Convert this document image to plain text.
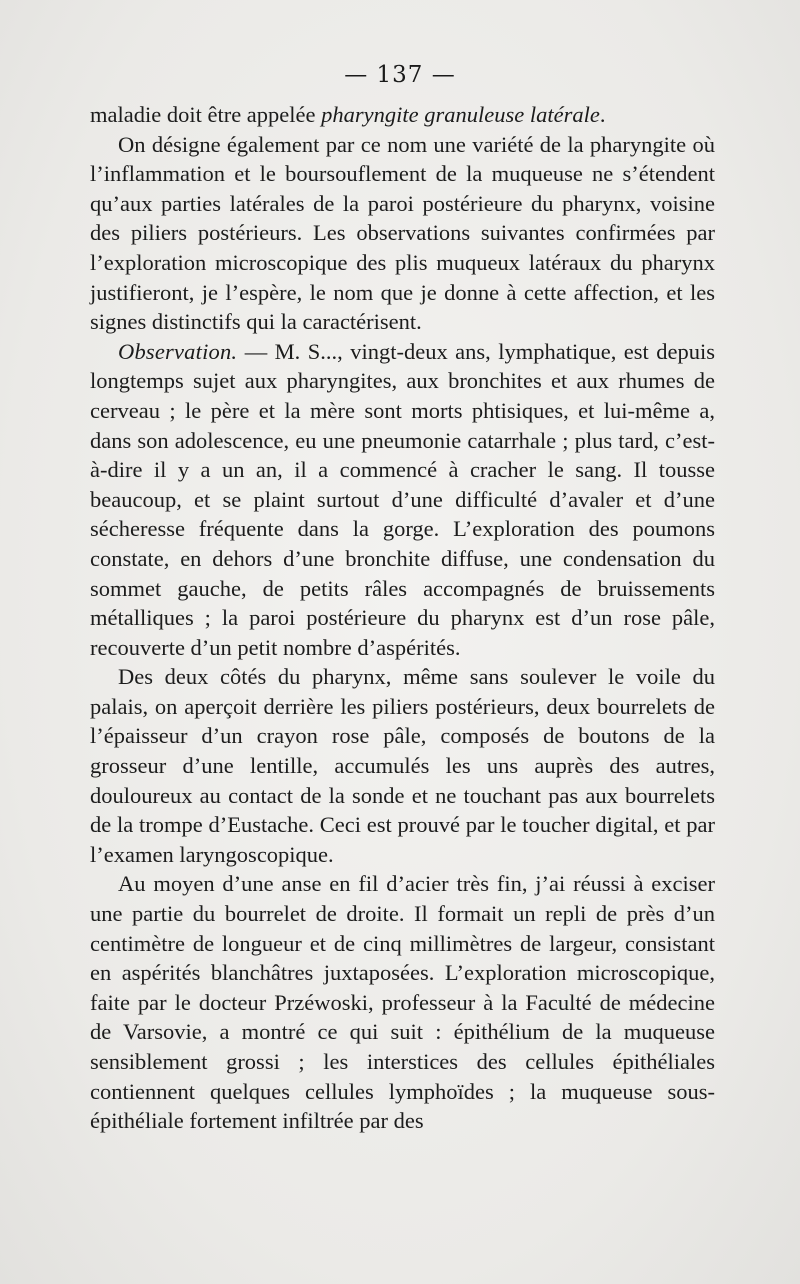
— 137 —

maladie doit être appelée pharyngite granuleuse latérale.

On désigne également par ce nom une variété de la pharyngite où l’inflammation et le boursouflement de la muqueuse ne s’étendent qu’aux parties latérales de la paroi postérieure du pharynx, voisine des piliers postérieurs. Les observations suivantes confirmées par l’exploration microscopique des plis muqueux latéraux du pharynx justifieront, je l’espère, le nom que je donne à cette affection, et les signes distinctifs qui la caractérisent.

Observation. — M. S..., vingt-deux ans, lymphatique, est depuis longtemps sujet aux pharyngites, aux bronchites et aux rhumes de cerveau ; le père et la mère sont morts phtisiques, et lui-même a, dans son adolescence, eu une pneumonie catarrhale ; plus tard, c’est-à-dire il y a un an, il a commencé à cracher le sang. Il tousse beaucoup, et se plaint surtout d’une difficulté d’avaler et d’une sécheresse fréquente dans la gorge. L’exploration des poumons constate, en dehors d’une bronchite diffuse, une condensation du sommet gauche, de petits râles accompagnés de bruissements métalliques ; la paroi postérieure du pharynx est d’un rose pâle, recouverte d’un petit nombre d’aspérités.

Des deux côtés du pharynx, même sans soulever le voile du palais, on aperçoit derrière les piliers postérieurs, deux bourrelets de l’épaisseur d’un crayon rose pâle, composés de boutons de la grosseur d’une lentille, accumulés les uns auprès des autres, douloureux au contact de la sonde et ne touchant pas aux bourrelets de la trompe d’Eustache. Ceci est prouvé par le toucher digital, et par l’examen laryngoscopique.

Au moyen d’une anse en fil d’acier très fin, j’ai réussi à exciser une partie du bourrelet de droite. Il formait un repli de près d’un centimètre de longueur et de cinq millimètres de largeur, consistant en aspérités blanchâtres juxtaposées. L’exploration microscopique, faite par le docteur Przéwoski, professeur à la Faculté de médecine de Varsovie, a montré ce qui suit : épithélium de la muqueuse sensiblement grossi ; les interstices des cellules épithéliales contiennent quelques cellules lymphoïdes ; la muqueuse sous-épithéliale fortement infiltrée par des
